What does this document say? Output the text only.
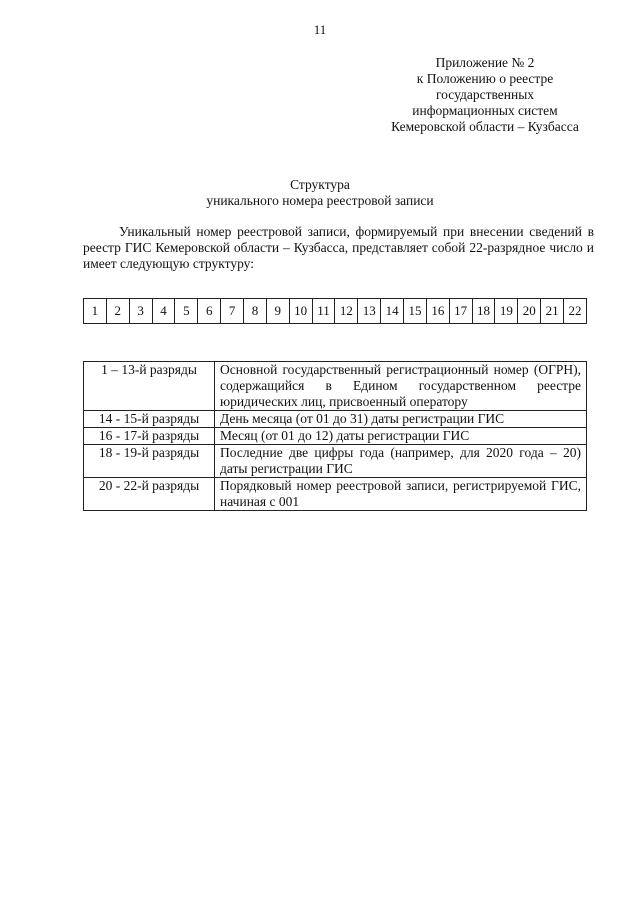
11
Приложение № 2
к Положению о реестре
государственных
информационных систем
Кемеровской области – Кузбасса
Структура
уникального номера реестровой записи
Уникальный номер реестровой записи, формируемый при внесении сведений в реестр ГИС Кемеровской области – Кузбасса, представляет собой 22-разрядное число и имеет следующую структуру:
1	2	3	4	5	6	7	8	9	10	11	12	13	14	15	16	17	18	19	20	21	22
1 – 13-й разряды	Основной государственный регистрационный номер (ОГРН), содержащийся в Едином государственном реестре юридических лиц, присвоенный оператору
14 - 15-й разряды	День месяца (от 01 до 31) даты регистрации ГИС
16 - 17-й разряды	Месяц (от 01 до 12) даты регистрации ГИС
18 - 19-й разряды	Последние две цифры года (например, для 2020 года – 20) даты регистрации ГИС
20 - 22-й разряды	Порядковый номер реестровой записи, регистрируемой ГИС, начиная с 001
